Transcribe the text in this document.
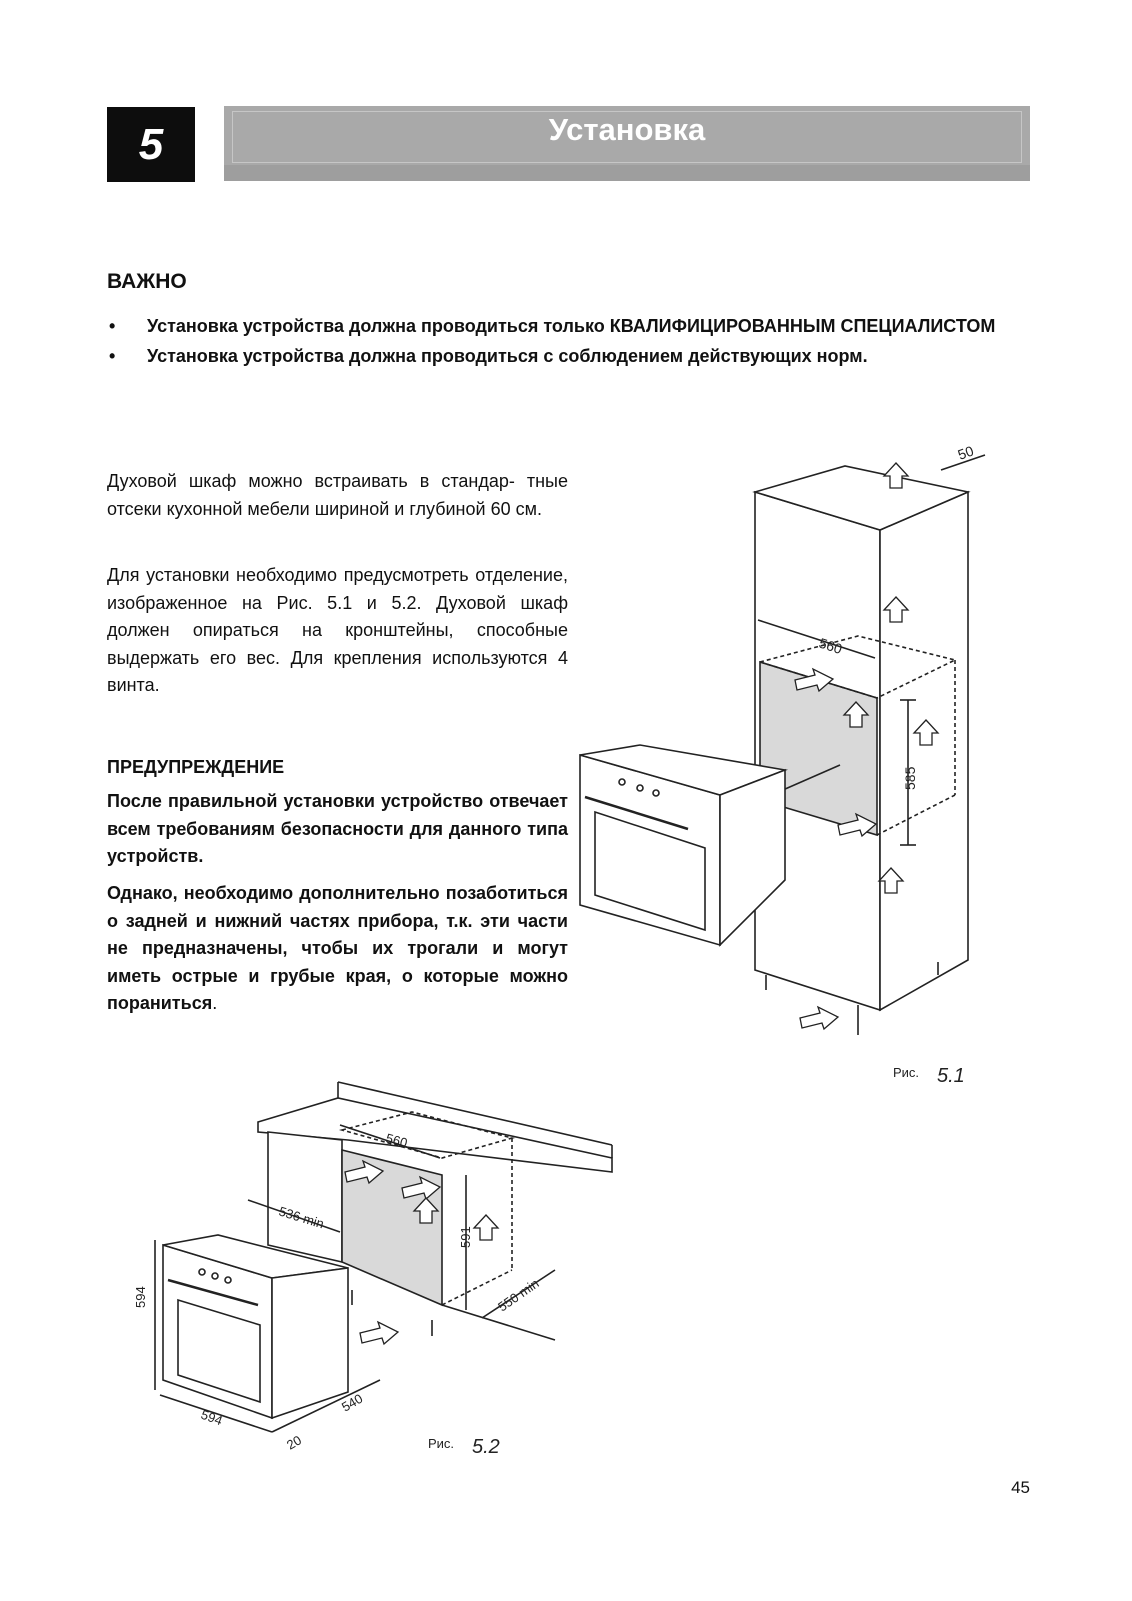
5	Установка
ВАЖНО
• Установка устройства должна проводиться только КВАЛИФИЦИРОВАННЫМ СПЕЦИАЛИСТОМ
• Установка устройства должна проводиться с соблюдением действующих норм.

Духовой шкаф можно встраивать в стандар- тные отсеки кухонной мебели шириной и глубиной 60 см.

Для установки необходимо предусмотреть отделение, изображенное на Рис. 5.1 и 5.2. Духовой шкаф должен опираться на кронштейны, способные выдержать его вес. Для крепления используются 4 винта.

ПРЕДУПРЕЖДЕНИЕ

После правильной установки устройство отвечает всем требованиям безопасности для данного типа устройств.

Однако, необходимо дополнительно позаботиться о задней и нижний частях прибора, т.к. эти части не предназначены, чтобы их трогали и могут иметь острые и грубые края, о которые можно пораниться.

50
560
585
Рис. 5.1
560
536 min
591
550 min
594
594
540
20	Рис. 5.2
45
